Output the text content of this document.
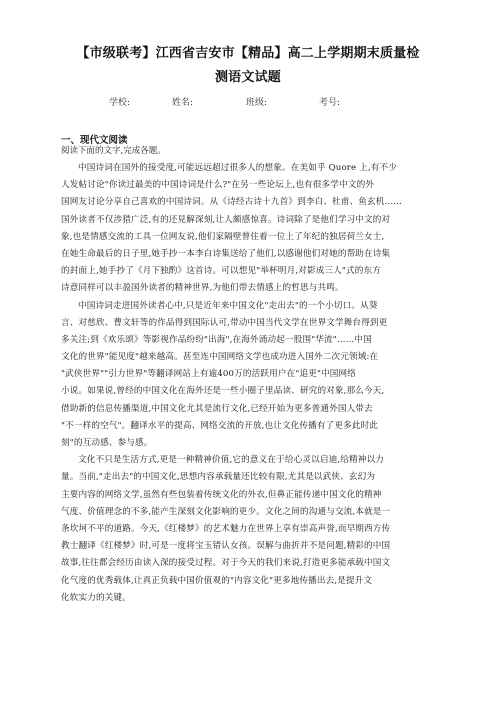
【市级联考】江西省吉安市【精品】高二上学期期末质量检
测语文试题
学校:	姓名:	班级:	考号:
一、现代文阅读
阅读下面的文字,完成各题。
中国诗词在国外的接受度,可能远远超过很多人的想象。在美如乎 Quore 上,有不少
人发帖讨论"你读过最美的中国诗词是什么?"在另一些论坛上,也有很多学中文的外
国网友讨论分享自己喜欢的中国诗词。从《诗经古诗十九首》到李白、杜甫、鱼玄机……
国外读者不仅涉猎广泛,有的还見解深刻,让人颇感惊喜。诗词除了是他们学习中文的对
象,也是情感交流的工具一位网友说,他们家隔壁曾住着一位上了年纪的独居荷兰女士,
在她生命最后的日子里,她手抄一本李白诗集送给了他们,以感谢他们对她的帮助在诗集
的封面上,她手抄了《月下独酌》这首诗。可以想见"举杯明月,对影成三人"式的东方
诗意同样可以丰盈国外读者的精神世界,为他们带去情感上的哲思与共鸣。
中国诗词走进国外读者心中,只是近年来中国文化"走出去"的一个小切口。从葵
言、对慈欣、曹文轩等的作品得到国际认可,带动中国当代文学在世界文学舞台得到更
多关注;到《欢乐颂》等影视作品纷纷"出海",在海外涌动起一股围"华流"……中国
文化的世界"能见度"越来越高。甚至连中国网络文学也成功进入国外二次元领域:在
"武侠世界""引力世界"等翻译网站上有逾400万的活跃用户在"追更"中国网络
小说。如果说,曾经的中国文化在海外还是一些小圈子里品读、研究的对象,那么今天,
借助新的信息传播渠道,中国文化尤其是流行文化,已经开始为更多普通外国人带去
"不一样的空气"。翻译水平的提高、网络交流的开放,也让文化传播有了更多此时此
刻"的互动感、参与感。
文化不只是生活方式,更是一种精神价值,它的意义在于给心灵以启迪,给精神以力
量。当前,"走出去"的中国文化,思想内容承载量还比较有限,尤其是以武侠、玄幻为
主要内容的网络文学,虽然有些包装着传统文化的外衣,但鼻正能传递中国文化的精神
气度、价值理念的不多,能产生深刻文化影响的更少。文化之间的沟通与交流,本就是一
条坎坷不平的道路。今天,《红楼梦》的艺术魅力在世界上享有崇高声誉,而早期西方传
教士翻译《红楼梦》时,可是一度将宝玉错认女孩。误解与曲折并不是问题,精彩的中国
故事,往往都会经历由读入深的接受过程。对于今天的我们来说,打造更多能承载中国文
化气度的优秀载体,让真正负载中国价值观的"内容文化"更多地传播出去,是提升文
化软实力的关键。
